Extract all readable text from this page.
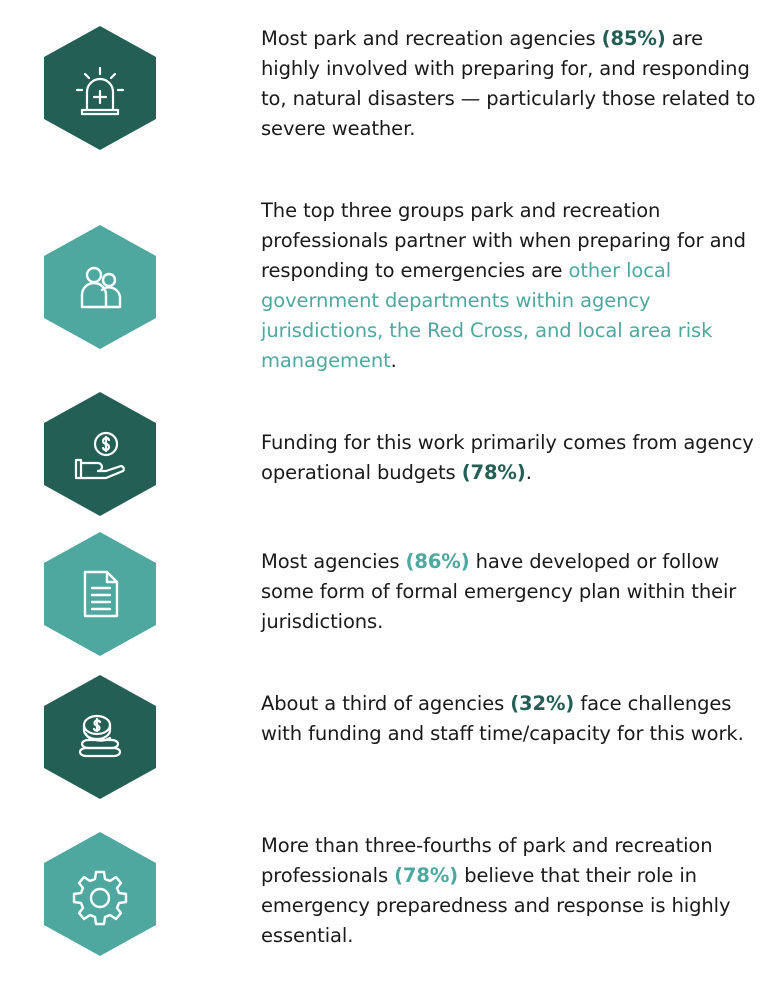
Most park and recreation agencies (85%) are highly involved with preparing for, and responding to, natural disasters — particularly those related to severe weather.
The top three groups park and recreation professionals partner with when preparing for and responding to emergencies are other local government departments within agency jurisdictions, the Red Cross, and local area risk management.
Funding for this work primarily comes from agency operational budgets (78%).
Most agencies (86%) have developed or follow some form of formal emergency plan within their jurisdictions.
About a third of agencies (32%) face challenges with funding and staff time/capacity for this work.
More than three-fourths of park and recreation professionals (78%) believe that their role in emergency preparedness and response is highly essential.
